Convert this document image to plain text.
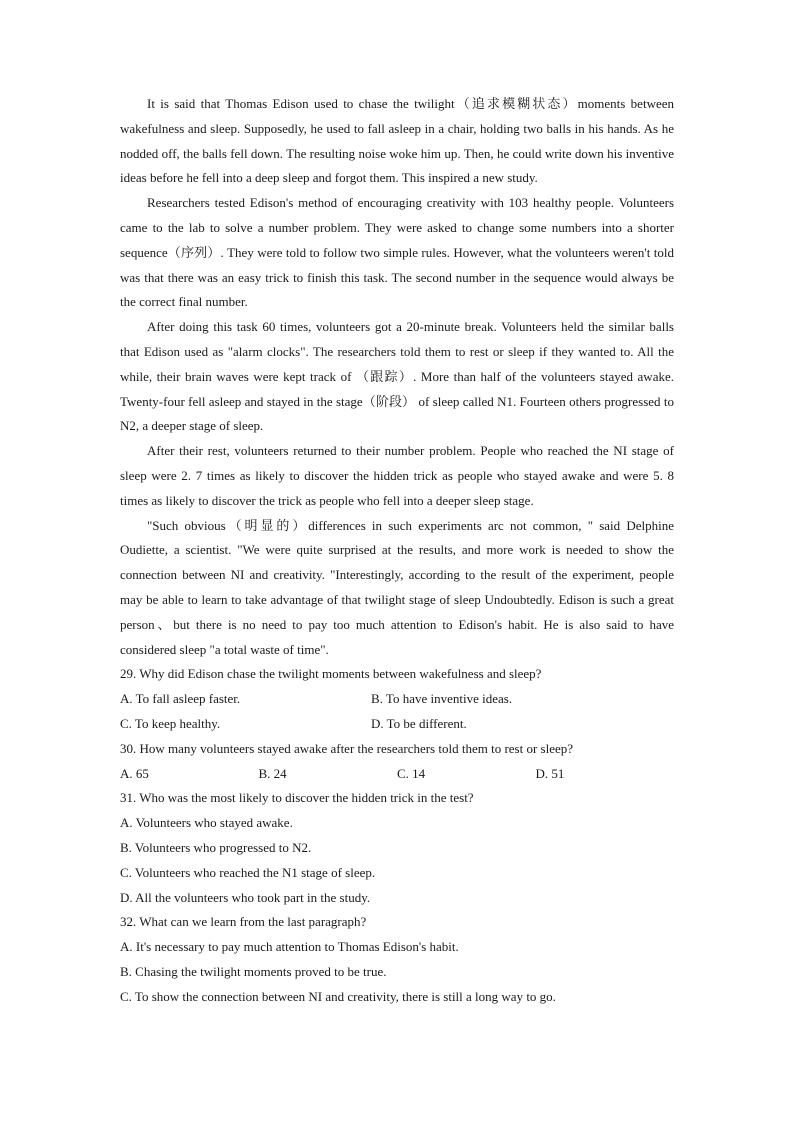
It is said that Thomas Edison used to chase the twilight（追求模糊状态）moments between wakefulness and sleep. Supposedly, he used to fall asleep in a chair, holding two balls in his hands. As he nodded off, the balls fell down. The resulting noise woke him up. Then, he could write down his inventive ideas before he fell into a deep sleep and forgot them. This inspired a new study.

Researchers tested Edison's method of encouraging creativity with 103 healthy people. Volunteers came to the lab to solve a number problem. They were asked to change some numbers into a shorter sequence（序列）. They were told to follow two simple rules. However, what the volunteers weren't told was that there was an easy trick to finish this task. The second number in the sequence would always be the correct final number.

After doing this task 60 times, volunteers got a 20-minute break. Volunteers held the similar balls that Edison used as "alarm clocks". The researchers told them to rest or sleep if they wanted to. All the while, their brain waves were kept track of （跟踪）. More than half of the volunteers stayed awake. Twenty-four fell asleep and stayed in the stage（阶段） of sleep called N1. Fourteen others progressed to N2, a deeper stage of sleep.

After their rest, volunteers returned to their number problem. People who reached the NI stage of sleep were 2. 7 times as likely to discover the hidden trick as people who stayed awake and were 5. 8 times as likely to discover the trick as people who fell into a deeper sleep stage.

"Such obvious（明显的）differences in such experiments arc not common, " said Delphine Oudiette, a scientist. "We were quite surprised at the results, and more work is needed to show the connection between NI and creativity. "Interestingly, according to the result of the experiment, people may be able to learn to take advantage of that twilight stage of sleep Undoubtedly. Edison is such a great person、but there is no need to pay too much attention to Edison's habit. He is also said to have considered sleep "a total waste of time".

29. Why did Edison chase the twilight moments between wakefulness and sleep?

A. To fall asleep faster.	B. To have inventive ideas.
C. To keep healthy.	D. To be different.

30. How many volunteers stayed awake after the researchers told them to rest or sleep?

A. 65	B. 24	C. 14	D. 51

31. Who was the most likely to discover the hidden trick in the test?

A. Volunteers who stayed awake.

B. Volunteers who progressed to N2.

C. Volunteers who reached the N1 stage of sleep.

D. All the volunteers who took part in the study.

32. What can we learn from the last paragraph?

A. It's necessary to pay much attention to Thomas Edison's habit.

B. Chasing the twilight moments proved to be true.

C. To show the connection between NI and creativity, there is still a long way to go.
